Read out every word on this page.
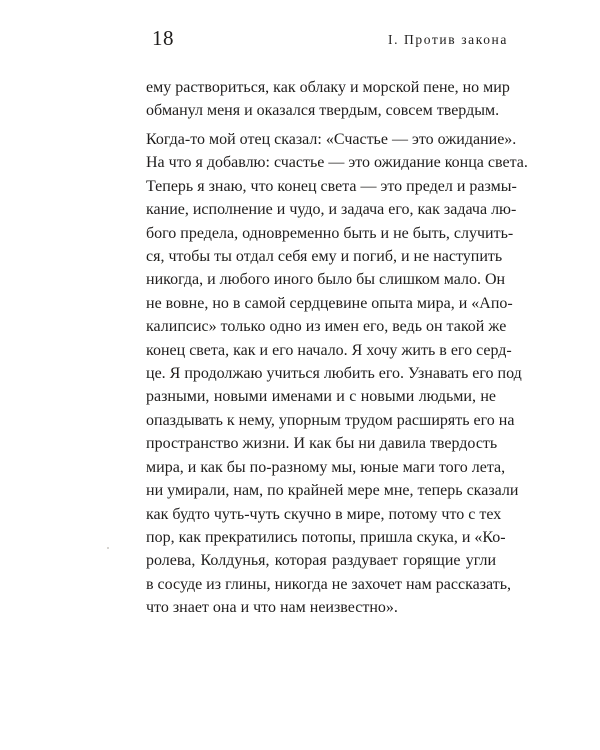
18	I. Против закона
ему раствориться, как облаку и морской пене, но мир
обманул меня и оказался твердым, совсем твердым.
Когда-то мой отец сказал: «Счастье — это ожидание».
На что я добавлю: счастье — это ожидание конца света.
Теперь я знаю, что конец света — это предел и размы-
кание, исполнение и чудо, и задача его, как задача лю-
бого предела, одновременно быть и не быть, случить-
ся, чтобы ты отдал себя ему и погиб, и не наступить
никогда, и любого иного было бы слишком мало. Он
не вовне, но в самой сердцевине опыта мира, и «Апо-
калипсис» только одно из имен его, ведь он такой же
конец света, как и его начало. Я хочу жить в его серд-
це. Я продолжаю учиться любить его. Узнавать его под
разными, новыми именами и с новыми людьми, не
опаздывать к нему, упорным трудом расширять его на
пространство жизни. И как бы ни давила твердость
мира, и как бы по-разному мы, юные маги того лета,
ни умирали, нам, по крайней мере мне, теперь сказали
как будто чуть-чуть скучно в мире, потому что с тех
пор, как прекратились потопы, пришла скука, и «Ко-
ролева, Колдунья, которая раздувает горящие угли
в сосуде из глины, никогда не захочет нам рассказать,
что знает она и что нам неизвестно».
